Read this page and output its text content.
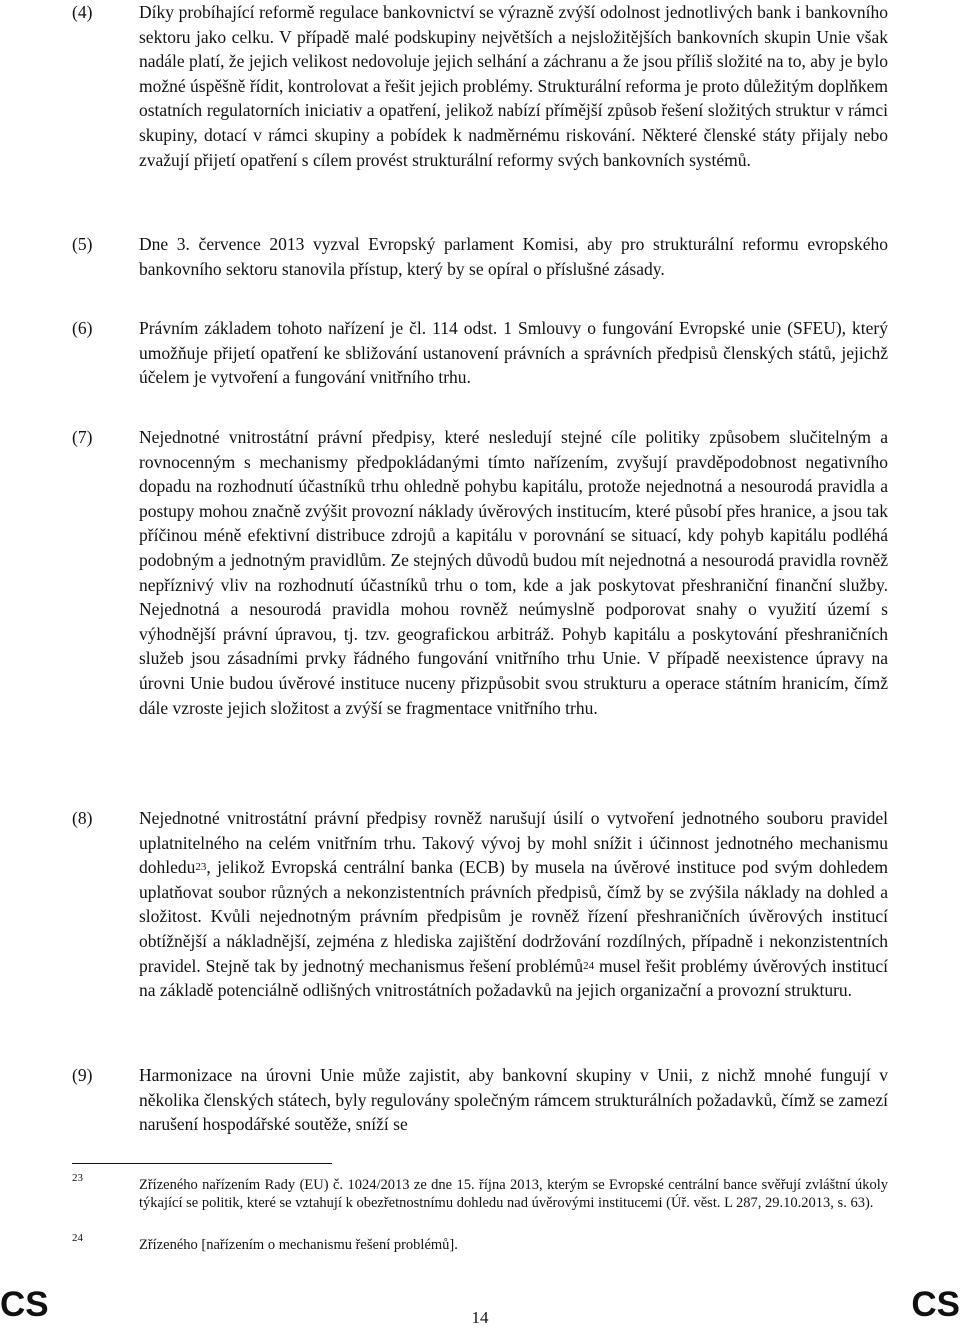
(4)	Díky probíhající reformě regulace bankovnictví se výrazně zvýší odolnost jednotlivých bank i bankovního sektoru jako celku. V případě malé podskupiny největších a nejsložitějších bankovních skupin Unie však nadále platí, že jejich velikost nedovoluje jejich selhání a záchranu a že jsou příliš složité na to, aby je bylo možné úspěšně řídit, kontrolovat a řešit jejich problémy. Strukturální reforma je proto důležitým doplňkem ostatních regulatorních iniciativ a opatření, jelikož nabízí přímější způsob řešení složitých struktur v rámci skupiny, dotací v rámci skupiny a pobídek k nadměrnému riskování. Některé členské státy přijaly nebo zvažují přijetí opatření s cílem provést strukturální reformy svých bankovních systémů.
(5)	Dne 3. července 2013 vyzval Evropský parlament Komisi, aby pro strukturální reformu evropského bankovního sektoru stanovila přístup, který by se opíral o příslušné zásady.
(6)	Právním základem tohoto nařízení je čl. 114 odst. 1 Smlouvy o fungování Evropské unie (SFEU), který umožňuje přijetí opatření ke sbližování ustanovení právních a správních předpisů členských států, jejichž účelem je vytvoření a fungování vnitřního trhu.
(7)	Nejednotné vnitrostátní právní předpisy, které nesledují stejné cíle politiky způsobem slučitelným a rovnocenným s mechanismy předpokládanými tímto nařízením, zvyšují pravděpodobnost negativního dopadu na rozhodnutí účastníků trhu ohledně pohybu kapitálu, protože nejednotná a nesourodá pravidla a postupy mohou značně zvýšit provozní náklady úvěrových institucím, které působí přes hranice, a jsou tak příčinou méně efektivní distribuce zdrojů a kapitálu v porovnání se situací, kdy pohyb kapitálu podléhá podobným a jednotným pravidlům. Ze stejných důvodů budou mít nejednotná a nesourodá pravidla rovněž nepříznivý vliv na rozhodnutí účastníků trhu o tom, kde a jak poskytovat přeshraniční finanční služby. Nejednotná a nesourodá pravidla mohou rovněž neúmyslně podporovat snahy o využití území s výhodnější právní úpravou, tj. tzv. geografickou arbitráž. Pohyb kapitálu a poskytování přeshraničních služeb jsou zásadními prvky řádného fungování vnitřního trhu Unie. V případě neexistence úpravy na úrovni Unie budou úvěrové instituce nuceny přizpůsobit svou strukturu a operace státním hranicím, čímž dále vzroste jejich složitost a zvýší se fragmentace vnitřního trhu.
(8)	Nejednotné vnitrostátní právní předpisy rovněž narušují úsilí o vytvoření jednotného souboru pravidel uplatnitelného na celém vnitřním trhu. Takový vývoj by mohl snížit i účinnost jednotného mechanismu dohledu$^{23}$, jelikož Evropská centrální banka (ECB) by musela na úvěrové instituce pod svým dohledem uplatňovat soubor různých a nekonzistentních právních předpisů, čímž by se zvýšila náklady na dohled a složitost. Kvůli nejednotným právním předpisům je rovněž řízení přeshraničních úvěrových institucí obtížnější a nákladnější, zejména z hlediska zajištění dodržování rozdílných, případně i nekonzistentních pravidel. Stejně tak by jednotný mechanismus řešení problémů$^{24}$ musel řešit problémy úvěrových institucí na základě potenciálně odlišných vnitrostátních požadavků na jejich organizační a provozní strukturu.
(9)	Harmonizace na úrovni Unie může zajistit, aby bankovní skupiny v Unii, z nichž mnohé fungují v několika členských státech, byly regulovány společným rámcem strukturálních požadavků, čímž se zamezí narušení hospodářské soutěže, sníží se
23	Zřízeného nařízením Rady (EU) č. 1024/2013 ze dne 15. října 2013, kterým se Evropské centrální bance svěřují zvláštní úkoly týkající se politik, které se vztahují k obezřetnostnímu dohledu nad úvěrovými institucemi (Úř. věst. L 287, 29.10.2013, s. 63).
24	Zřízeného [nařízením o mechanismu řešení problémů].
CS	14	CS
